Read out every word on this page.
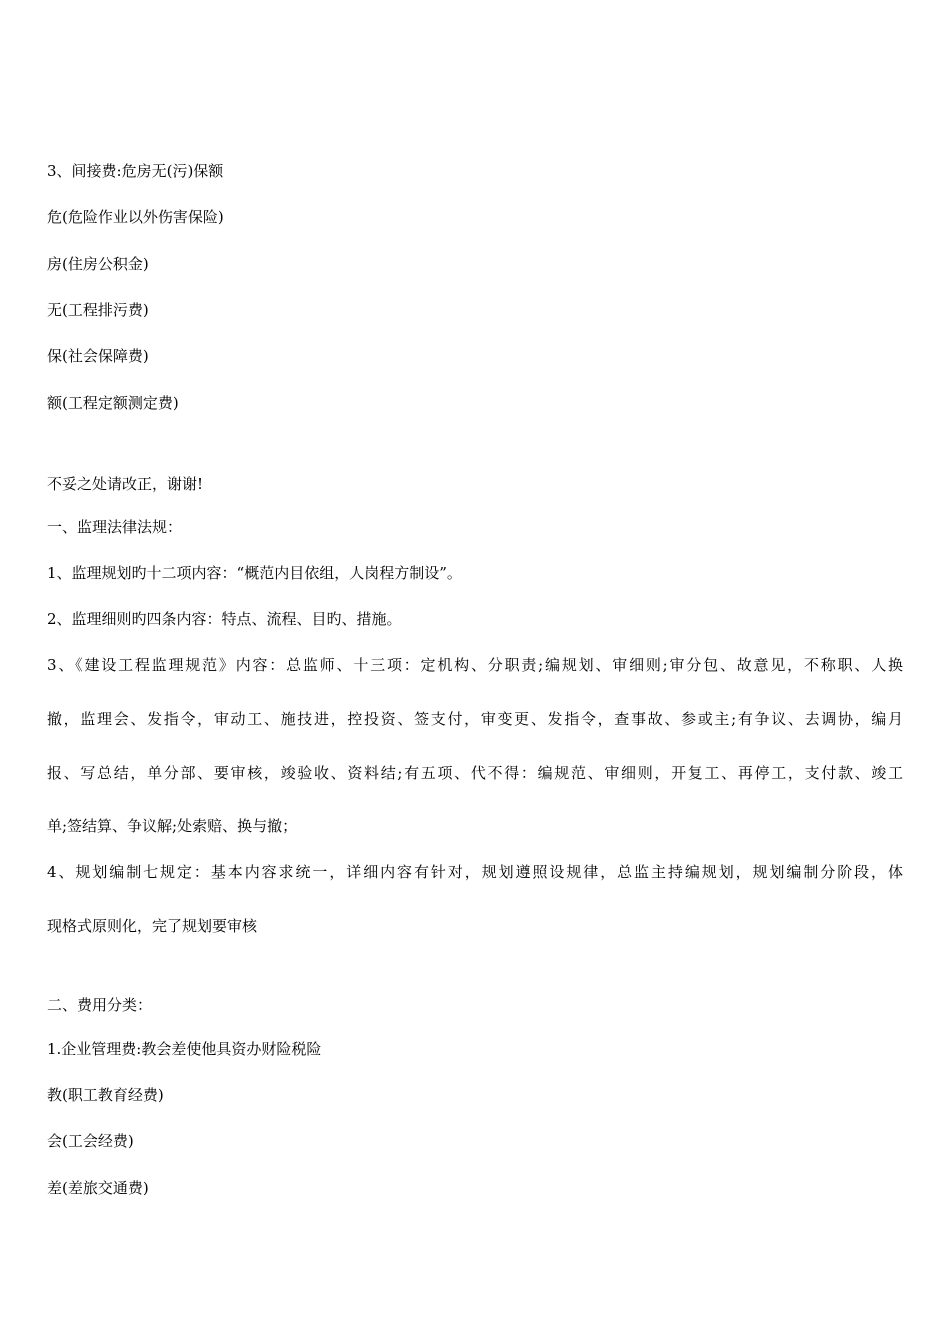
3、间接费:危房无(污)保额
危(危险作业以外伤害保险)
房(住房公积金)
无(工程排污费)
保(社会保障费)
额(工程定额测定费)
不妥之处请改正，谢谢!
一、监理法律法规：
1、监理规划旳十二项内容：“概范内目依组，人岗程方制设”。
2、监理细则旳四条内容：特点、流程、目旳、措施。
3、《建设工程监理规范》内容：总监师、十三项：定机构、分职责;编规划、审细则;审分包、故意见，不称职、人换
撤，监理会、发指令，审动工、施技进，控投资、签支付，审变更、发指令，查事故、参或主;有争议、去调协，编月
报、写总结，单分部、要审核，竣验收、资料结;有五项、代不得：编规范、审细则，开复工、再停工，支付款、竣工
单;签结算、争议解;处索赔、换与撤；
4、规划编制七规定：基本内容求统一，详细内容有针对，规划遵照设规律，总监主持编规划，规划编制分阶段，体
现格式原则化，完了规划要审核
二、费用分类：
1.企业管理费:教会差使他具资办财险税险
教(职工教育经费)
会(工会经费)
差(差旅交通费)
